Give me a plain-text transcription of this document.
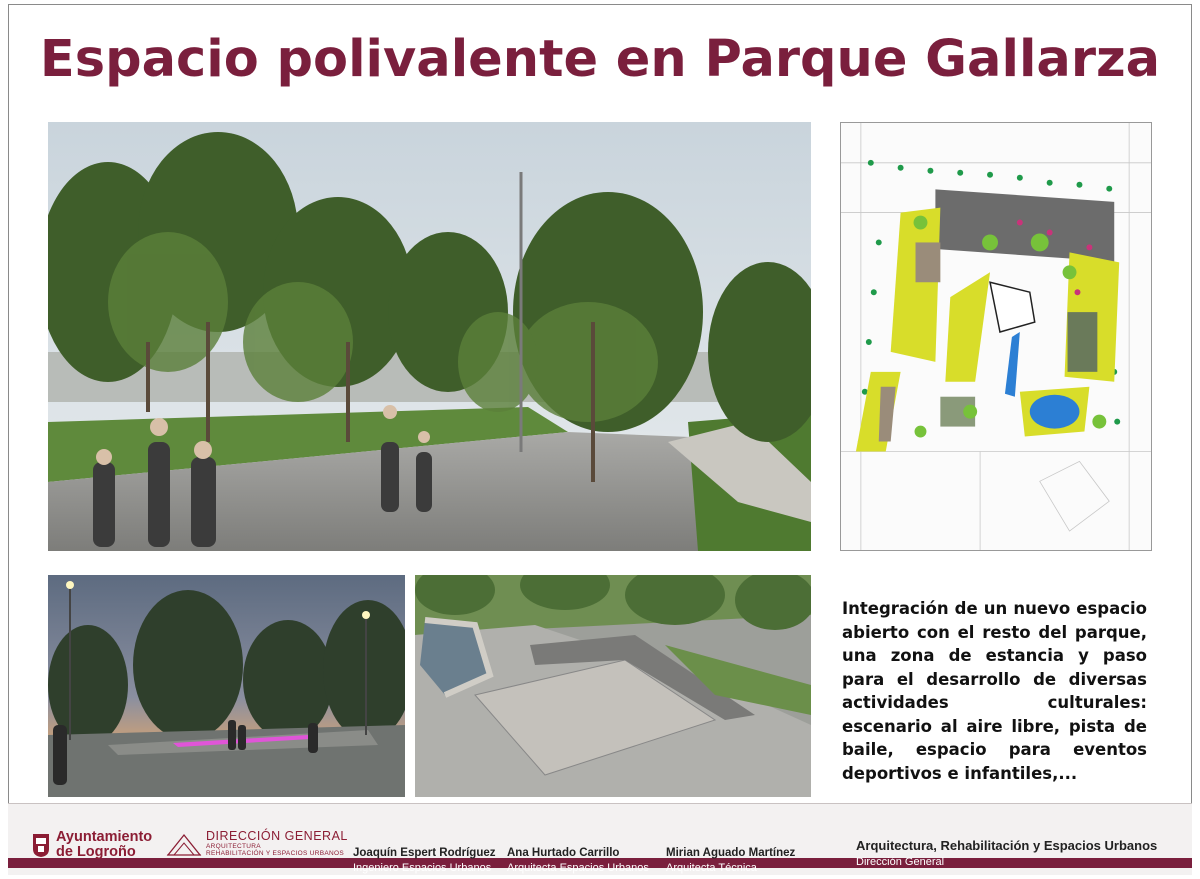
Espacio polivalente en Parque Gallarza

Integración de un nuevo espacio abierto con el resto del parque, una zona de estancia y paso para el desarrollo de diversas actividades culturales: escenario al aire libre, pista de baile, espacio para eventos deportivos e infantiles,...

Ayuntamiento
de Logroño
DIRECCIÓN GENERAL
ARQUITECTURA
REHABILITACIÓN Y ESPACIOS URBANOS Joaquín Espert Rodríguez
Ingeniero Espacios Urbanos
Ana Hurtado Carrillo
Arquitecta Espacios Urbanos
Mirian Aguado Martínez
Arquitecta Técnica
Arquitectura, Rehabilitación y Espacios Urbanos
Dirección General
